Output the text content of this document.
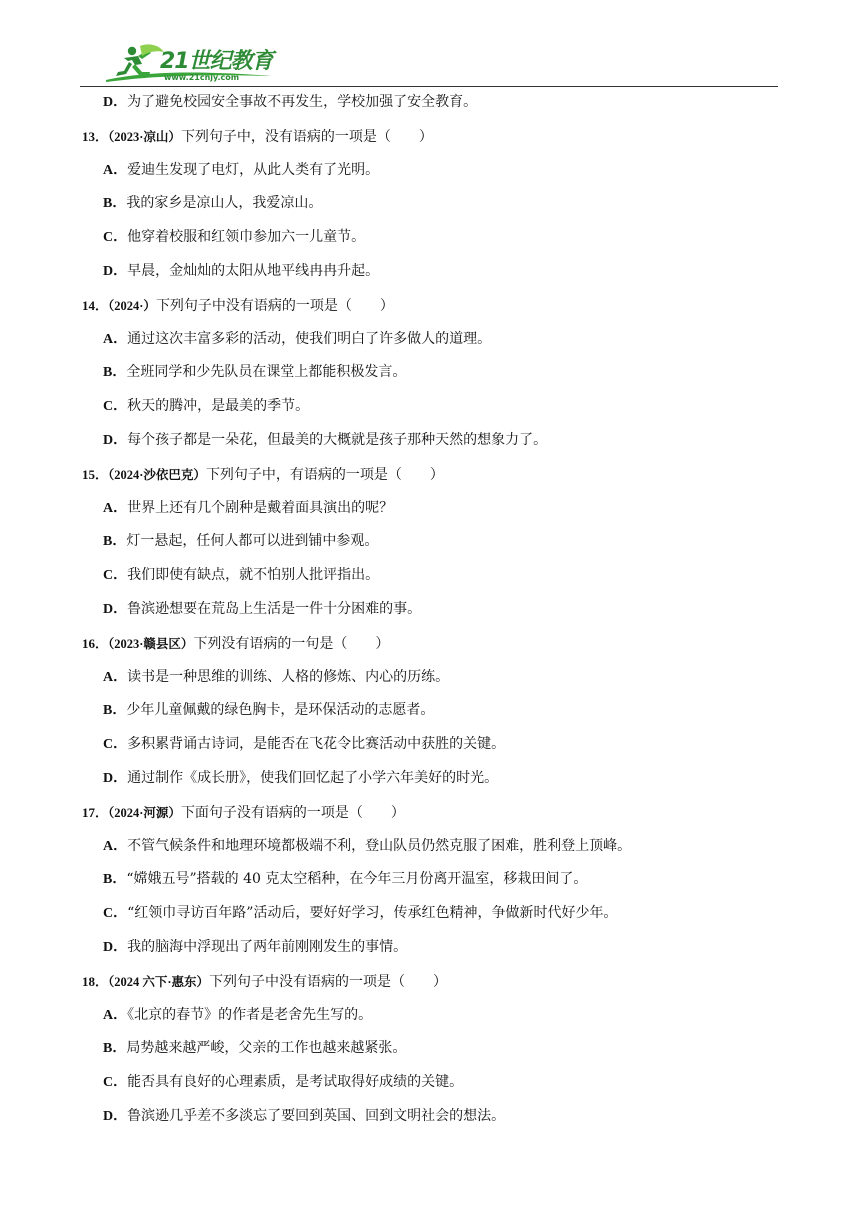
21世纪教育
www.21cnjy.com
D．为了避免校园安全事故不再发生，学校加强了安全教育。
13．（2023·凉山）下列句子中，没有语病的一项是（　　）
A．爱迪生发现了电灯，从此人类有了光明。
B．我的家乡是凉山人，我爱凉山。
C．他穿着校服和红领巾参加六一儿童节。
D．早晨，金灿灿的太阳从地平线冉冉升起。
14．（2024·）下列句子中没有语病的一项是（　　）
A．通过这次丰富多彩的活动，使我们明白了许多做人的道理。
B．全班同学和少先队员在课堂上都能积极发言。
C．秋天的腾冲，是最美的季节。
D．每个孩子都是一朵花，但最美的大概就是孩子那种天然的想象力了。
15．（2024·沙依巴克）下列句子中，有语病的一项是（　　）
A．世界上还有几个剧种是戴着面具演出的呢？
B．灯一悬起，任何人都可以进到铺中参观。
C．我们即使有缺点，就不怕别人批评指出。
D．鲁滨逊想要在荒岛上生活是一件十分困难的事。
16．（2023·赣县区）下列没有语病的一句是（　　）
A．读书是一种思维的训练、人格的修炼、内心的历练。
B．少年儿童佩戴的绿色胸卡，是环保活动的志愿者。
C．多积累背诵古诗词，是能否在飞花令比赛活动中获胜的关键。
D．通过制作《成长册》，使我们回忆起了小学六年美好的时光。
17．（2024·河源）下面句子没有语病的一项是（　　）
A．不管气候条件和地理环境都极端不利，登山队员仍然克服了困难，胜利登上顶峰。
B．“嫦娥五号”搭载的 40 克太空稻种，在今年三月份离开温室，移栽田间了。
C．“红领巾寻访百年路”活动后，要好好学习，传承红色精神，争做新时代好少年。
D．我的脑海中浮现出了两年前刚刚发生的事情。
18．（2024 六下·惠东）下列句子中没有语病的一项是（　　）
A．《北京的春节》的作者是老舍先生写的。
B．局势越来越严峻，父亲的工作也越来越紧张。
C．能否具有良好的心理素质，是考试取得好成绩的关键。
D．鲁滨逊几乎差不多淡忘了要回到英国、回到文明社会的想法。
